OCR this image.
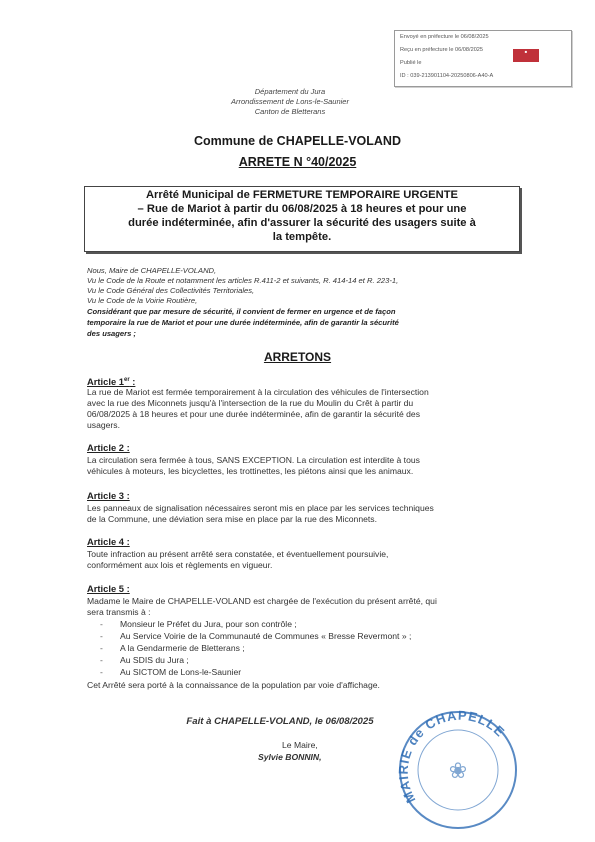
Envoyé en préfecture le 06/08/2025
Reçu en préfecture le 06/08/2025
Publié le
ID : 039-213901104-20250806-A40-A
■
Département du Jura
Arrondissement de Lons-le-Saunier
Canton de Bletterans
Commune de CHAPELLE-VOLAND
ARRETE N °40/2025
Arrêté Municipal de FERMETURE TEMPORAIRE URGENTE
– Rue de Mariot à partir du 06/08/2025 à 18 heures et pour une
durée indéterminée, afin d'assurer la sécurité des usagers suite à
la tempête.
Nous, Maire de CHAPELLE-VOLAND,
Vu le Code de la Route et notamment les articles R.411-2 et suivants, R. 414-14 et R. 223-1,
Vu le Code Général des Collectivités Territoriales,
Vu le Code de la Voirie Routière,
Considérant que par mesure de sécurité, il convient de fermer en urgence et de façon
temporaire la rue de Mariot et pour une durée indéterminée, afin de garantir la sécurité
des usagers ;
ARRETONS
Article 1er :
La rue de Mariot est fermée temporairement à la circulation des véhicules de l'intersection
avec la rue des Miconnets jusqu'à l'intersection de la rue du Moulin du Crêt à partir du
06/08/2025 à 18 heures et pour une durée indéterminée, afin de garantir la sécurité des
usagers.
Article 2 :
La circulation sera fermée à tous, SANS EXCEPTION. La circulation est interdite à tous
véhicules à moteurs, les bicyclettes, les trottinettes, les piétons ainsi que les animaux.
Article 3 :
Les panneaux de signalisation nécessaires seront mis en place par les services techniques
de la Commune, une déviation sera mise en place par la rue des Miconnets.
Article 4 :
Toute infraction au présent arrêté sera constatée, et éventuellement poursuivie,
conformément aux lois et règlements en vigueur.
Article 5 :
Madame le Maire de CHAPELLE-VOLAND est chargée de l'exécution du présent arrêté, qui
sera transmis à :
- Monsieur le Préfet du Jura, pour son contrôle ;
- Au Service Voirie de la Communauté de Communes « Bresse Revermont » ;
- A la Gendarmerie de Bletterans ;
- Au SDIS du Jura ;
- Au SICTOM de Lons-le-Saunier
Cet Arrêté sera porté à la connaissance de la population par voie d'affichage.
Fait à CHAPELLE-VOLAND, le 06/08/2025
Le Maire,
Sylvie BONNIN,
MAIRIE de CHAPELLE
❀
